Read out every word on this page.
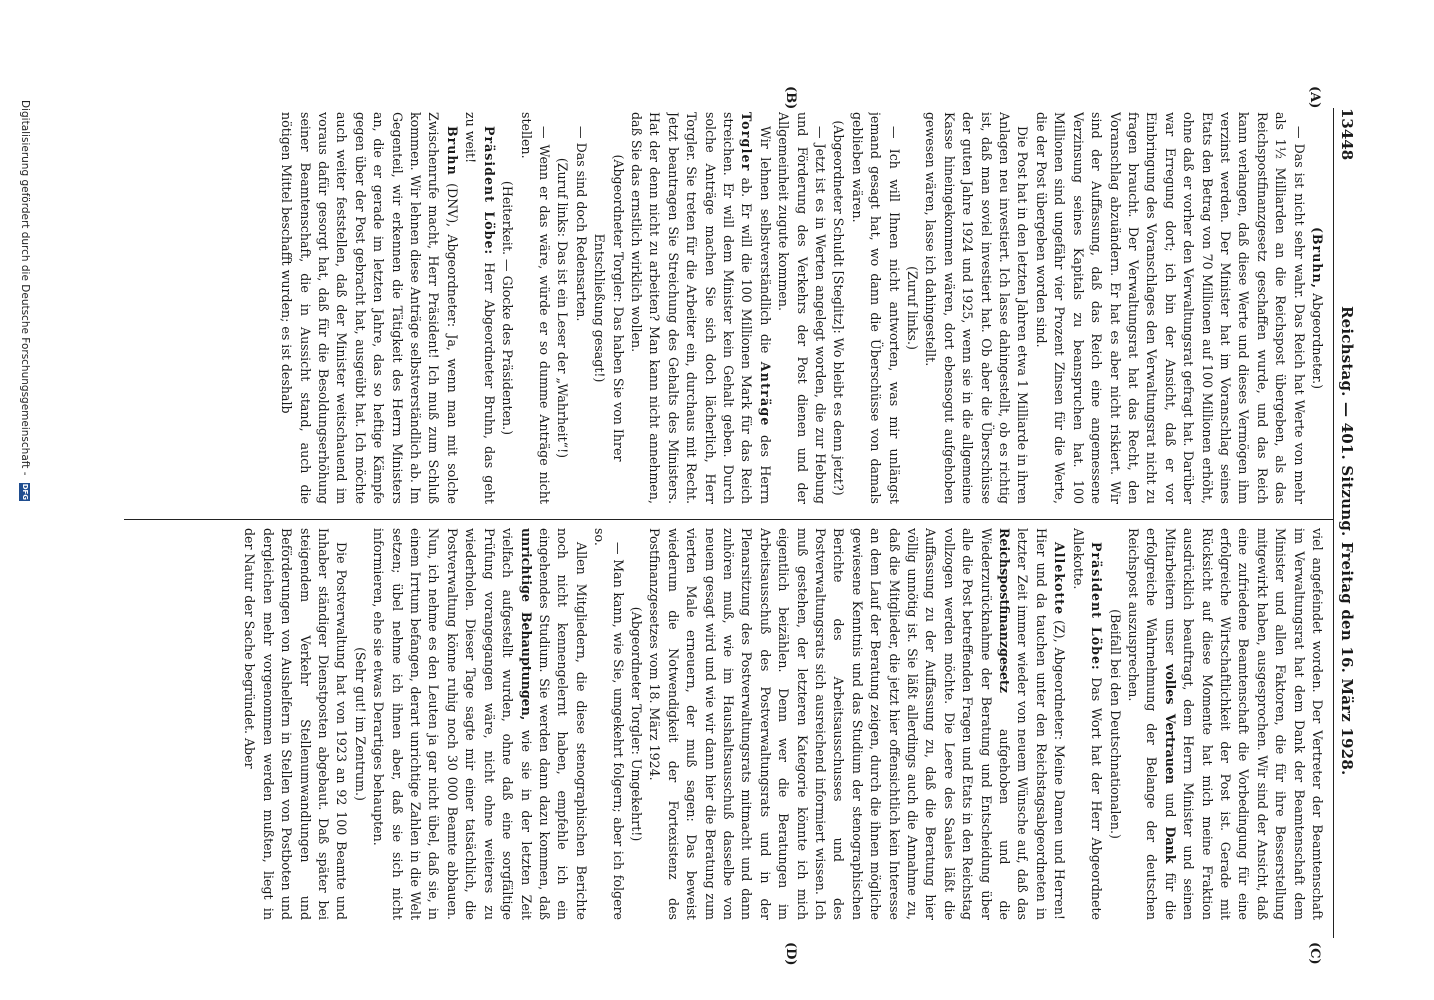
13448
Reichstag. — 401. Sitzung. Freitag den 16. März 1928.
(A)
(B)
(C)
(D)

(Bruhn, Abgeordneter.)

— Das ist nicht sehr wahr. Das Reich hat Werte von mehr als 1½ Milliarden an die Reichspost übergeben, als das Reichspostfinanzgesetz geschaffen wurde, und das Reich kann verlangen, daß diese Werte und dieses Vermögen ihm verzinst werden. Der Minister hat im Voranschlag seines Etats den Betrag von 70 Millionen auf 100 Millionen erhöht, ohne daß er vorher den Verwaltungsrat gefragt hat. Darüber war Erregung dort; ich bin der Ansicht, daß er vor Einbringung des Voranschlages den Verwaltungsrat nicht zu fragen braucht. Der Verwaltungsrat hat das Recht, den Voranschlag abzuändern. Er hat es aber nicht riskiert. Wir sind der Auffassung, daß das Reich eine angemessene Verzinsung seines Kapitals zu beanspruchen hat. 100 Millionen sind ungefähr vier Prozent Zinsen für die Werte, die der Post übergeben worden sind.

Die Post hat in den letzten Jahren etwa 1 Milliarde in ihren Anlagen neu investiert. Ich lasse dahingestellt, ob es richtig ist, daß man soviel investiert hat. Ob aber die Überschüsse der guten Jahre 1924 und 1925, wenn sie in die allgemeine Kasse hineingekommen wären, dort ebensogut aufgehoben gewesen wären, lasse ich dahingestellt.

(Zuruf links.)

— Ich will Ihnen nicht antworten, was mir unlängst jemand gesagt hat, wo dann die Überschüsse von damals geblieben wären.

(Abgeordneter Schuldt [Steglitz]: Wo bleibt es denn jetzt?)

— Jetzt ist es in Werten angelegt worden, die zur Hebung und Förderung des Verkehrs der Post dienen und der Allgemeinheit zugute kommen.

Wir lehnen selbstverständlich die Anträge des Herrn Torgler ab. Er will die 100 Millionen Mark für das Reich streichen. Er will dem Minister kein Gehalt geben. Durch solche Anträge machen Sie sich doch lächerlich, Herr Torgler. Sie treten für die Arbeiter ein, durchaus mit Recht. Jetzt beantragen Sie Streichung des Gehalts des Ministers. Hat der denn nicht zu arbeiten? Man kann nicht annehmen, daß Sie das ernstlich wirklich wollen.

(Abgeordneter Torgler: Das haben Sie von Ihrer Entschließung gesagt!)

— Das sind doch Redensarten.

(Zuruf links: Das ist ein Leser der „Wahrheit“!)

— Wenn er das wäre, würde er so dumme Anträge nicht stellen.

(Heiterkeit. — Glocke des Präsidenten.)

Präsident Löbe: Herr Abgeordneter Bruhn, das geht zu weit!

Bruhn (DNV), Abgeordneter: Ja, wenn man mit solche Zwischenrufe macht, Herr Präsident! Ich muß zum Schluß kommen. Wir lehnen diese Anträge selbstverständlich ab. Im Gegenteil, wir erkennen die Tätigkeit des Herrn Ministers an, die er gerade im letzten Jahre, das so heftige Kämpfe gegen über der Post gebracht hat, ausgeübt hat. Ich möchte auch weiter feststellen, daß der Minister weitschauend im voraus dafür gesorgt hat, daß für die Besoldungserhöhung seiner Beamtenschaft, die in Aussicht stand, auch die nötigen Mittel beschafft wurden; es ist deshalb

viel angefeindet worden. Der Vertreter der Beamtenschaft im Verwaltungsrat hat dem Dank der Beamtenschaft dem Minister und allen Faktoren, die für ihre Besserstellung mitgewirkt haben, ausgesprochen. Wir sind der Ansicht, daß eine zufriedene Beamtenschaft die Vorbedingung für eine erfolgreiche Wirtschaftlichkeit der Post ist. Gerade mit Rücksicht auf diese Momente hat mich meine Fraktion ausdrücklich beauftragt, dem Herrn Minister und seinen Mitarbeitern unser volles Vertrauen und Dank für die erfolgreiche Wahrnehmung der Belange der deutschen Reichspost auszusprechen.

(Beifall bei den Deutschnationalen.)

Präsident Löbe: Das Wort hat der Herr Abgeordnete Allekotte.

Allekotte (Z), Abgeordneter: Meine Damen und Herren! Hier und da tauchen unter den Reichstagsabgeordneten in letzter Zeit immer wieder von neuem Wünsche auf, daß das Reichspostfinanzgesetz aufgehoben und die Wiederzurücknahme der Beratung und Entscheidung über alle die Post betreffenden Fragen und Etats in den Reichstag vollzogen werden möchte. Die Leere des Saales läßt die Auffassung zu der Auffassung zu, daß die Beratung hier völlig unnötig ist. Sie läßt allerdings auch die Annahme zu, daß die Mitglieder, die jetzt hier offensichtlich kein Interesse an dem Lauf der Beratung zeigen, durch die ihnen mögliche gewiesene Kenntnis und das Studium der stenographischen Berichte des Arbeitsausschusses und des Postverwaltungsrats sich ausreichend informiert wissen. Ich muß gestehen, der letzteren Kategorie könnte ich mich eigentlich beizählen. Denn wer die Beratungen im Arbeitsausschuß des Postverwaltungsrats und in der Plenarsitzung des Postverwaltungsrats mitmacht und dann zuhören muß, wie im Haushaltsausschuß dasselbe von neuem gesagt wird und wie wir dann hier die Beratung zum vierten Male erneuern, der muß sagen: Das beweist wiederum die Notwendigkeit der Fortexistenz des Postfinanzgesetzes vom 18. März 1924.

(Abgeordneter Torgler: Umgekehrt!)

— Man kann, wie Sie, umgekehrt folgern; aber ich folgere so.

Allen Mitgliedern, die diese stenographischen Berichte noch nicht kennengelernt haben, empfehle ich ein eingehendes Studium. Sie werden dann dazu kommen, daß unrichtige Behauptungen, wie sie in der letzten Zeit vielfach aufgestellt wurden, ohne daß eine sorgfältige Prüfung vorangegangen wäre, nicht ohne weiteres zu wiederholen. Dieser Tage sagte mir einer tatsächlich, die Postverwaltung könne ruhig noch 30 000 Beamte abbauen. Nun, ich nehme es den Leuten ja gar nicht übel, daß sie, in einem Irrtum befangen, derart unrichtige Zahlen in die Welt setzen; übel nehme ich ihnen aber, daß sie sich nicht informieren, ehe sie etwas Derartiges behaupten.

(Sehr gut! im Zentrum.)

Die Postverwaltung hat von 1923 an 92 100 Beamte und Inhaber ständiger Dienstposten abgebaut. Daß später bei steigendem Verkehr Stellenumwandlungen und Beförderungen von Aushelfern in Stellen von Postboten und dergleichen mehr vorgenommen werden mußten, liegt in der Natur der Sache begründet. Aber

Digitalisierung gefördert durch die Deutsche Forschungsgemeinschaft - DFG
